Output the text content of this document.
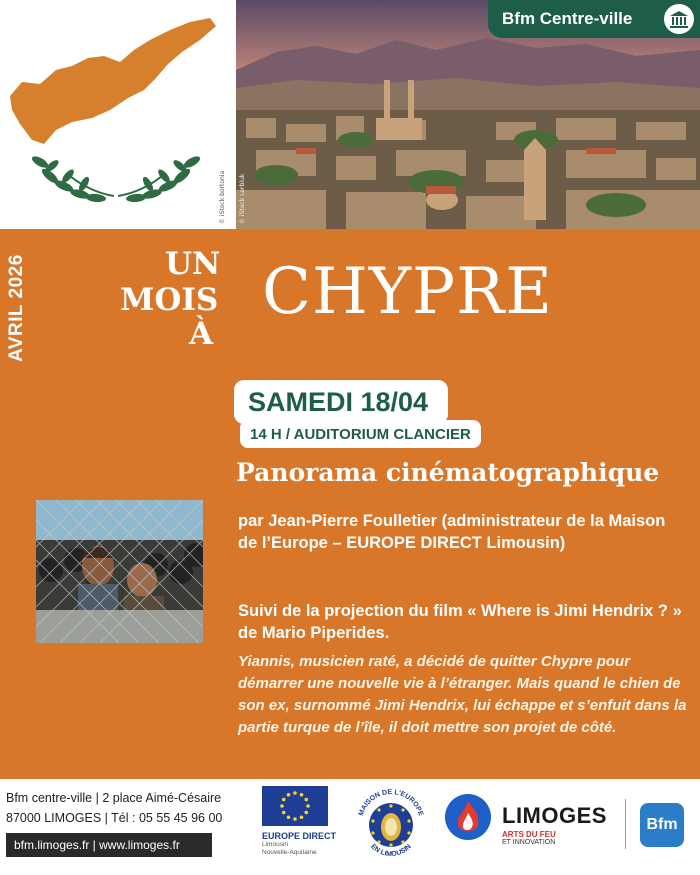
© iStock bortonia © iStock Lerbluk
Bfm Centre-ville
AVRIL 2026	UN
MOIS
À
CHYPRE
SAMEDI 18/04
14 H / AUDITORIUM CLANCIER
Panorama cinématographique
par Jean-Pierre Foulletier (administrateur de la Maison de l’Europe – EUROPE DIRECT Limousin)
Suivi de la projection du film « Where is Jimi Hendrix ? » de Mario Piperides.
Yiannis, musicien raté, a décidé de quitter Chypre pour démarrer une nouvelle vie à l’étranger. Mais quand le chien de son ex, surnommé Jimi Hendrix, lui échappe et s’enfuit dans la partie turque de l’île, il doit mettre son projet de côté.
Bfm centre-ville | 2 place Aimé-Césaire
87000 LIMOGES | Tél : 05 55 45 96 00
bfm.limoges.fr | www.limoges.fr
EUROPE DIRECT
Limousin
Nouvelle-Aquitaine
MAISON DE L'EUROPE
EN LIMOUSIN
LIMOGES
ARTS DU FEU
ET INNOVATION
Bfm
